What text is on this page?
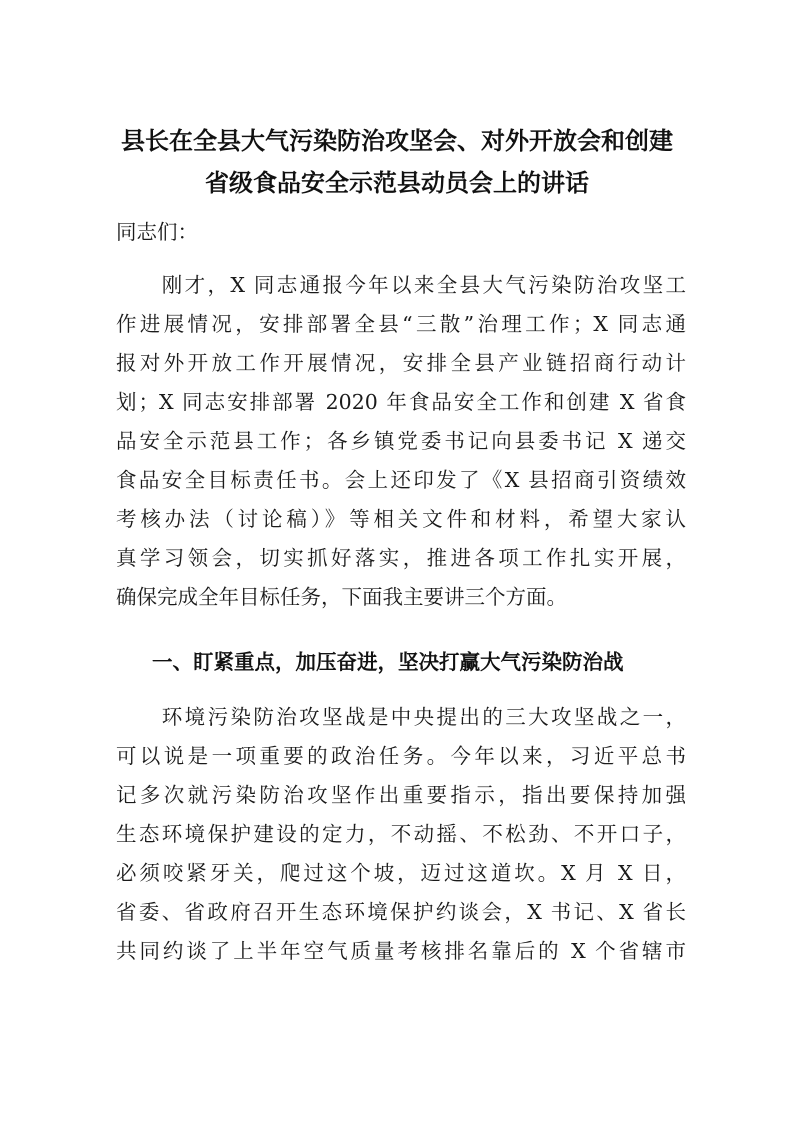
县长在全县大气污染防治攻坚会、对外开放会和创建
省级食品安全示范县动员会上的讲话
同志们：
　　刚才，X 同志通报今年以来全县大气污染防治攻坚工
作进展情况，安排部署全县“三散”治理工作；X 同志通
报对外开放工作开展情况，安排全县产业链招商行动计
划；X 同志安排部署 2020 年食品安全工作和创建 X 省食
品安全示范县工作；各乡镇党委书记向县委书记 X 递交
食品安全目标责任书。会上还印发了《X 县招商引资绩效
考核办法（讨论稿）》等相关文件和材料，希望大家认
真学习领会，切实抓好落实，推进各项工作扎实开展，
确保完成全年目标任务，下面我主要讲三个方面。
一、盯紧重点，加压奋进，坚决打赢大气污染防治战
　　环境污染防治攻坚战是中央提出的三大攻坚战之一，
可以说是一项重要的政治任务。今年以来，习近平总书
记多次就污染防治攻坚作出重要指示，指出要保持加强
生态环境保护建设的定力，不动摇、不松劲、不开口子，
必须咬紧牙关，爬过这个坡，迈过这道坎。X 月 X 日，
省委、省政府召开生态环境保护约谈会，X 书记、X 省长
共同约谈了上半年空气质量考核排名靠后的 X 个省辖市
